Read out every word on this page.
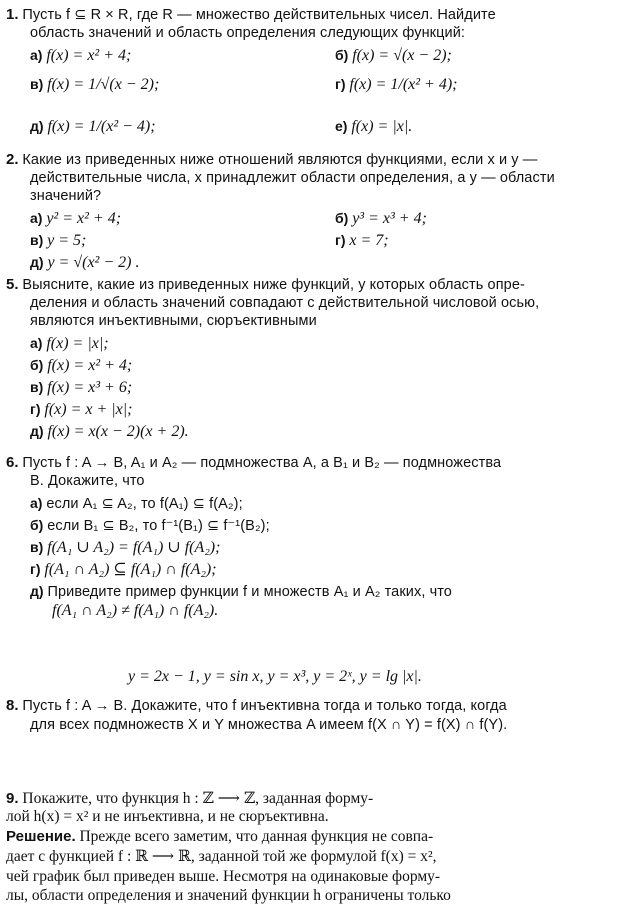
1. Пусть f ⊆ R × R, где R — множество действительных чисел. Найдите
область значений и область определения следующих функций:
а) f(x) = x² + 4;	б) f(x) = √(x − 2);
в) f(x) = 1/√(x − 2);	г) f(x) = 1/(x² + 4);
д) f(x) = 1/(x² − 4);	е) f(x) = |x|.
2. Какие из приведенных ниже отношений являются функциями, если x и y —
действительные числа, x принадлежит области определения, а y — области
значений?
а) y² = x² + 4;	б) y³ = x³ + 4;
в) y = 5;	г) x = 7;
д) y = √(x² − 2) .
5. Выясните, какие из приведенных ниже функций, у которых область опре-
деления и область значений совпадают с действительной числовой осью,
являются инъективными, сюръективными
а) f(x) = |x|;
б) f(x) = x² + 4;
в) f(x) = x³ + 6;
г) f(x) = x + |x|;
д) f(x) = x(x − 2)(x + 2).
6. Пусть f : A → B, A₁ и A₂ — подмножества A, а B₁ и B₂ — подмножества
B. Докажите, что
а) если A₁ ⊆ A₂, то f(A₁) ⊆ f(A₂);
б) если B₁ ⊆ B₂, то f⁻¹(B₁) ⊆ f⁻¹(B₂);
в) f(A₁ ∪ A₂) = f(A₁) ∪ f(A₂);
г) f(A₁ ∩ A₂) ⊆ f(A₁) ∩ f(A₂);
д) Приведите пример функции f и множеств A₁ и A₂ таких, что
f(A₁ ∩ A₂) ≠ f(A₁) ∩ f(A₂).
y = 2x − 1, y = sin x, y = x³, y = 2ˣ, y = lg |x|.
8. Пусть f : A → B. Докажите, что f инъективна тогда и только тогда, когда
для всех подмножеств X и Y множества A имеем f(X ∩ Y) = f(X) ∩ f(Y).
9. Покажите, что функция h : ℤ ⟶ ℤ, заданная форму-
лой h(x) = x² и не инъективна, и не сюръективна.
Решение. Прежде всего заметим, что данная функция не совпа-
дает с функцией f : ℝ ⟶ ℝ, заданной той же формулой f(x) = x²,
чей график был приведен выше. Несмотря на одинаковые форму-
лы, области определения и значений функции h ограничены только
